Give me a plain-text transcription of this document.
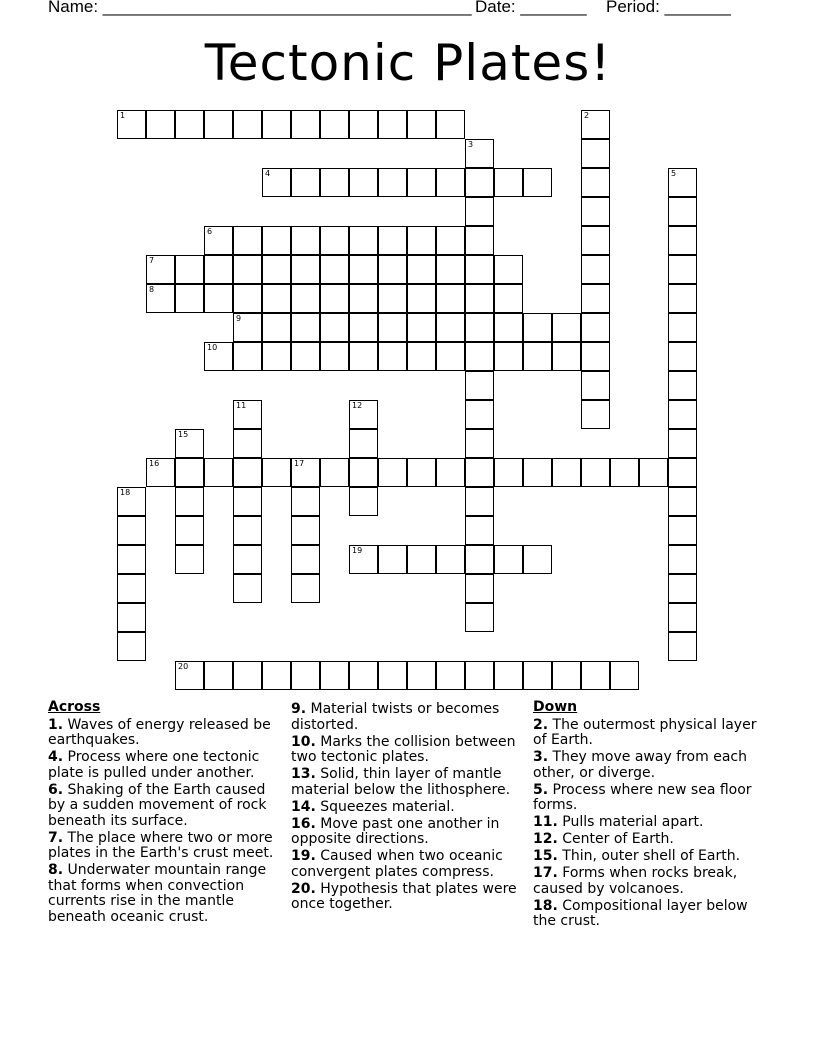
Name: _______________________________________ Date: _______ Period: _______
Tectonic Plates!
1	2
3
4	5
6
7
8
9
10
11	12
15
16	17
18
19
20
Across
1. Waves of energy released be earthquakes.
4. Process where one tectonic plate is pulled under another.
6. Shaking of the Earth caused by a sudden movement of rock beneath its surface.
7. The place where two or more plates in the Earth's crust meet.
8. Underwater mountain range that forms when convection currents rise in the mantle beneath oceanic crust.
9. Material twists or becomes distorted.
10. Marks the collision between two tectonic plates.
13. Solid, thin layer of mantle material below the lithosphere.
14. Squeezes material.
16. Move past one another in opposite directions.
19. Caused when two oceanic convergent plates compress.
20. Hypothesis that plates were once together.
Down
2. The outermost physical layer of Earth.
3. They move away from each other, or diverge.
5. Process where new sea floor forms.
11. Pulls material apart.
12. Center of Earth.
15. Thin, outer shell of Earth.
17. Forms when rocks break, caused by volcanoes.
18. Compositional layer below the crust.
